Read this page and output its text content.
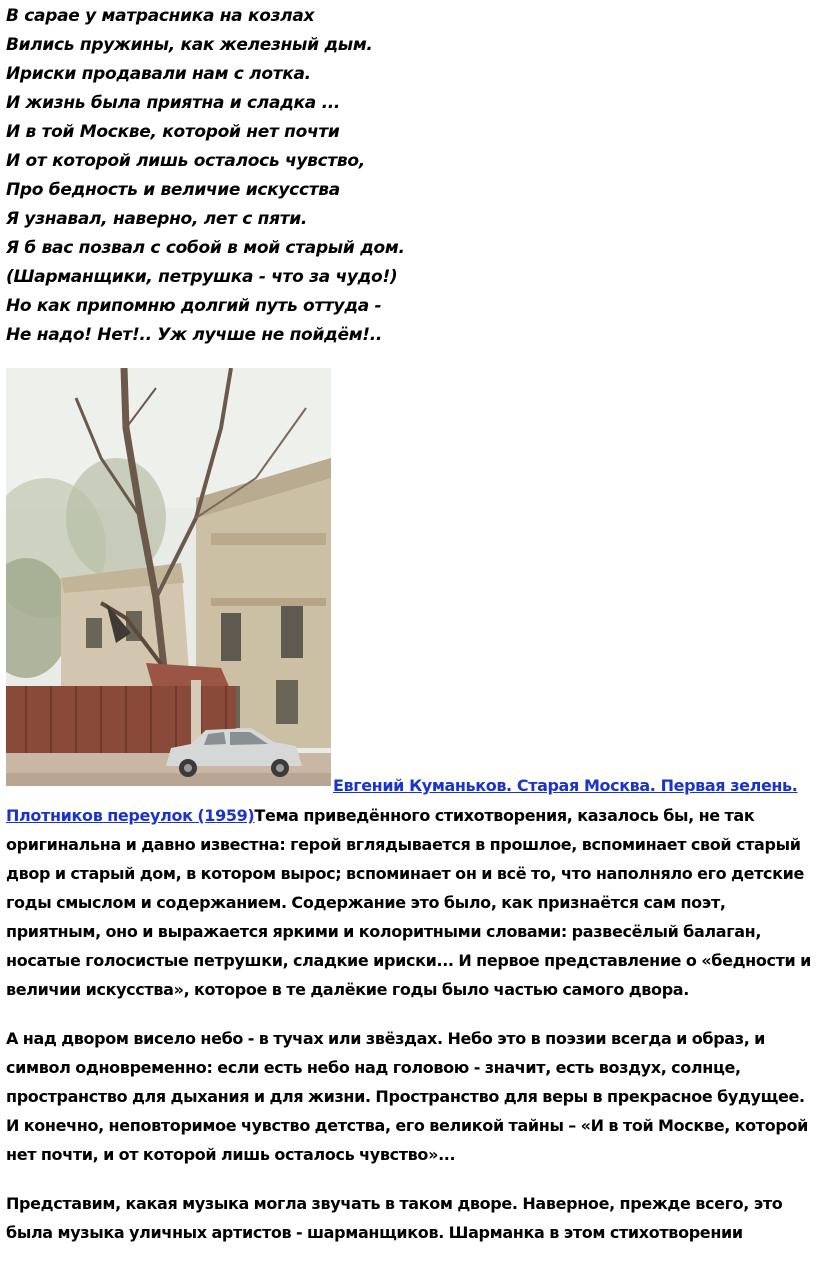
В сарае у матрасника на козлах
Вились пружины, как железный дым.
Ириски продавали нам с лотка.
И жизнь была приятна и сладка ...
И в той Москве, которой нет почти
И от которой лишь осталось чувство,
Про бедность и величие искусства
Я узнавал, наверно, лет с пяти.
Я б вас позвал с собой в мой старый дом.
(Шарманщики, петрушка - что за чудо!)
Но как припомню долгий путь оттуда -
Не надо! Нет!.. Уж лучше не пойдём!..
Евгений Куманьков. Старая Москва. Первая зелень.

Плотников переулок (1959)Тема приведённого стихотворения, казалось бы, не так оригинальна и давно известна: герой вглядывается в прошлое, вспоминает свой старый двор и старый дом, в котором вырос; вспоминает он и всё то, что наполняло его детские годы смыслом и содержанием. Содержание это было, как признаётся сам поэт, приятным, оно и выражается яркими и колоритными словами: развесёлый балаган, носатые голосистые петрушки, сладкие ириски... И первое представление о «бедности и величии искусства», которое в те далёкие годы было частью самого двора.

А над двором висело небо - в тучах или звёздах. Небо это в поэзии всегда и образ, и символ одновременно: если есть небо над головою - значит, есть воздух, солнце, пространство для дыхания и для жизни. Пространство для веры в прекрасное будущее. И конечно, неповторимое чувство детства, его великой тайны – «И в той Москве, которой нет почти, и от которой лишь осталось чувство»...

Представим, какая музыка могла звучать в таком дворе. Наверное, прежде всего, это была музыка уличных артистов - шарманщиков. Шарманка в этом стихотворении
